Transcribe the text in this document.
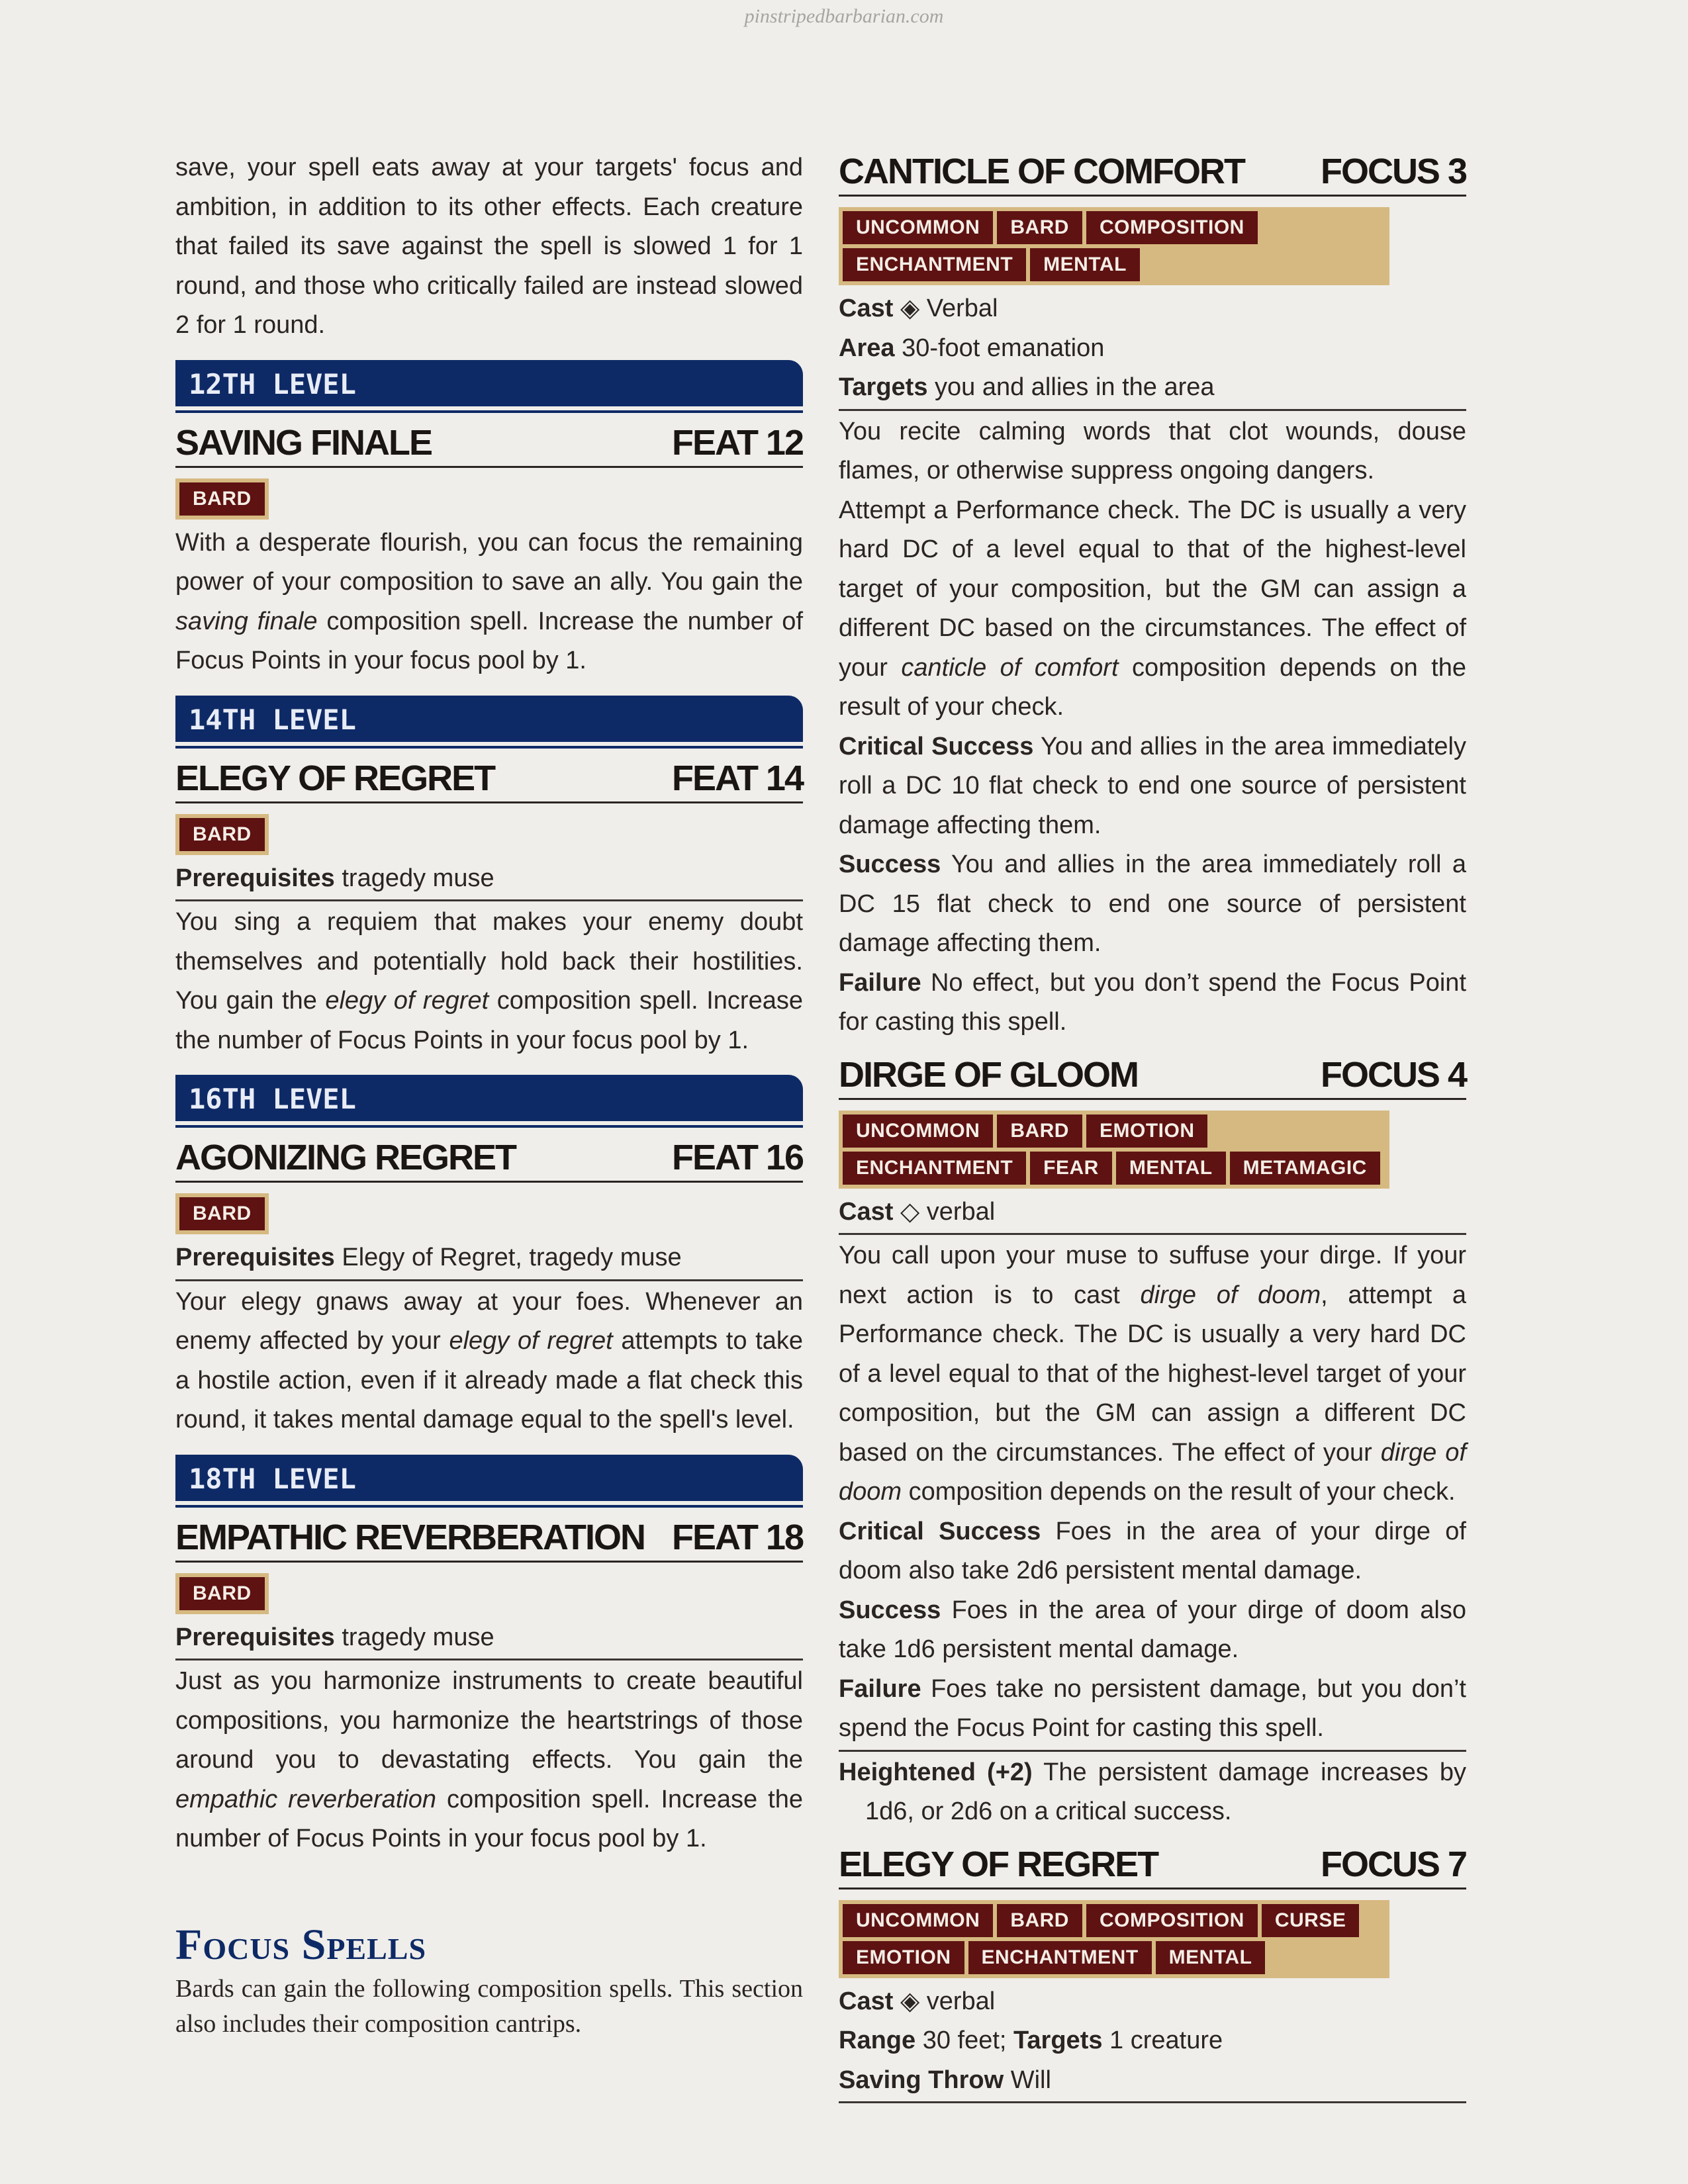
pinstripedbarbarian.com

save, your spell eats away at your targets' focus and ambition, in addition to its other effects. Each creature that failed its save against the spell is slowed 1 for 1 round, and those who critically failed are instead slowed 2 for 1 round.

12TH LEVEL
SAVING FINALE	FEAT 12
BARD

With a desperate flourish, you can focus the remaining power of your composition to save an ally. You gain the saving finale composition spell. Increase the number of Focus Points in your focus pool by 1.

14TH LEVEL
ELEGY OF REGRET	FEAT 14
BARD

Prerequisites tragedy muse

You sing a requiem that makes your enemy doubt themselves and potentially hold back their hostilities. You gain the elegy of regret composition spell. Increase the number of Focus Points in your focus pool by 1.

16TH LEVEL
AGONIZING REGRET	FEAT 16
BARD

Prerequisites Elegy of Regret, tragedy muse

Your elegy gnaws away at your foes. Whenever an enemy affected by your elegy of regret attempts to take a hostile action, even if it already made a flat check this round, it takes mental damage equal to the spell's level.

18TH LEVEL
EMPATHIC REVERBERATION FEAT 18
BARD

Prerequisites tragedy muse

Just as you harmonize instruments to create beautiful compositions, you harmonize the heartstrings of those around you to devastating effects. You gain the empathic reverberation composition spell. Increase the number of Focus Points in your focus pool by 1.

Focus Spells

Bards can gain the following composition spells. This section also includes their composition cantrips.

CANTICLE OF COMFORT FOCUS 3
UNCOMMON	BARD	COMPOSITION
ENCHANTMENT	MENTAL

Cast ◈ Verbal

Area 30-foot emanation

Targets you and allies in the area

You recite calming words that clot wounds, douse flames, or otherwise suppress ongoing dangers.

Attempt a Performance check. The DC is usually a very hard DC of a level equal to that of the highest-level target of your composition, but the GM can assign a different DC based on the circumstances. The effect of your canticle of comfort composition depends on the result of your check.

Critical Success You and allies in the area immediately roll a DC 10 flat check to end one source of persistent damage affecting them.

Success You and allies in the area immediately roll a DC 15 flat check to end one source of persistent damage affecting them.

Failure No effect, but you don’t spend the Focus Point for casting this spell.

DIRGE OF GLOOM	FOCUS 4
UNCOMMON	BARD	EMOTION
ENCHANTMENT	FEAR	MENTAL	METAMAGIC

Cast ◇ verbal

You call upon your muse to suffuse your dirge. If your next action is to cast dirge of doom, attempt a Performance check. The DC is usually a very hard DC of a level equal to that of the highest-level target of your composition, but the GM can assign a different DC based on the circumstances. The effect of your dirge of doom composition depends on the result of your check.

Critical Success Foes in the area of your dirge of doom also take 2d6 persistent mental damage.

Success Foes in the area of your dirge of doom also take 1d6 persistent mental damage.

Failure Foes take no persistent damage, but you don’t spend the Focus Point for casting this spell.

Heightened (+2) The persistent damage increases by 1d6, or 2d6 on a critical success.

ELEGY OF REGRET	FOCUS 7
UNCOMMON	BARD	COMPOSITION	CURSE
EMOTION	ENCHANTMENT	MENTAL

Cast ◈ verbal

Range 30 feet; Targets 1 creature

Saving Throw Will
